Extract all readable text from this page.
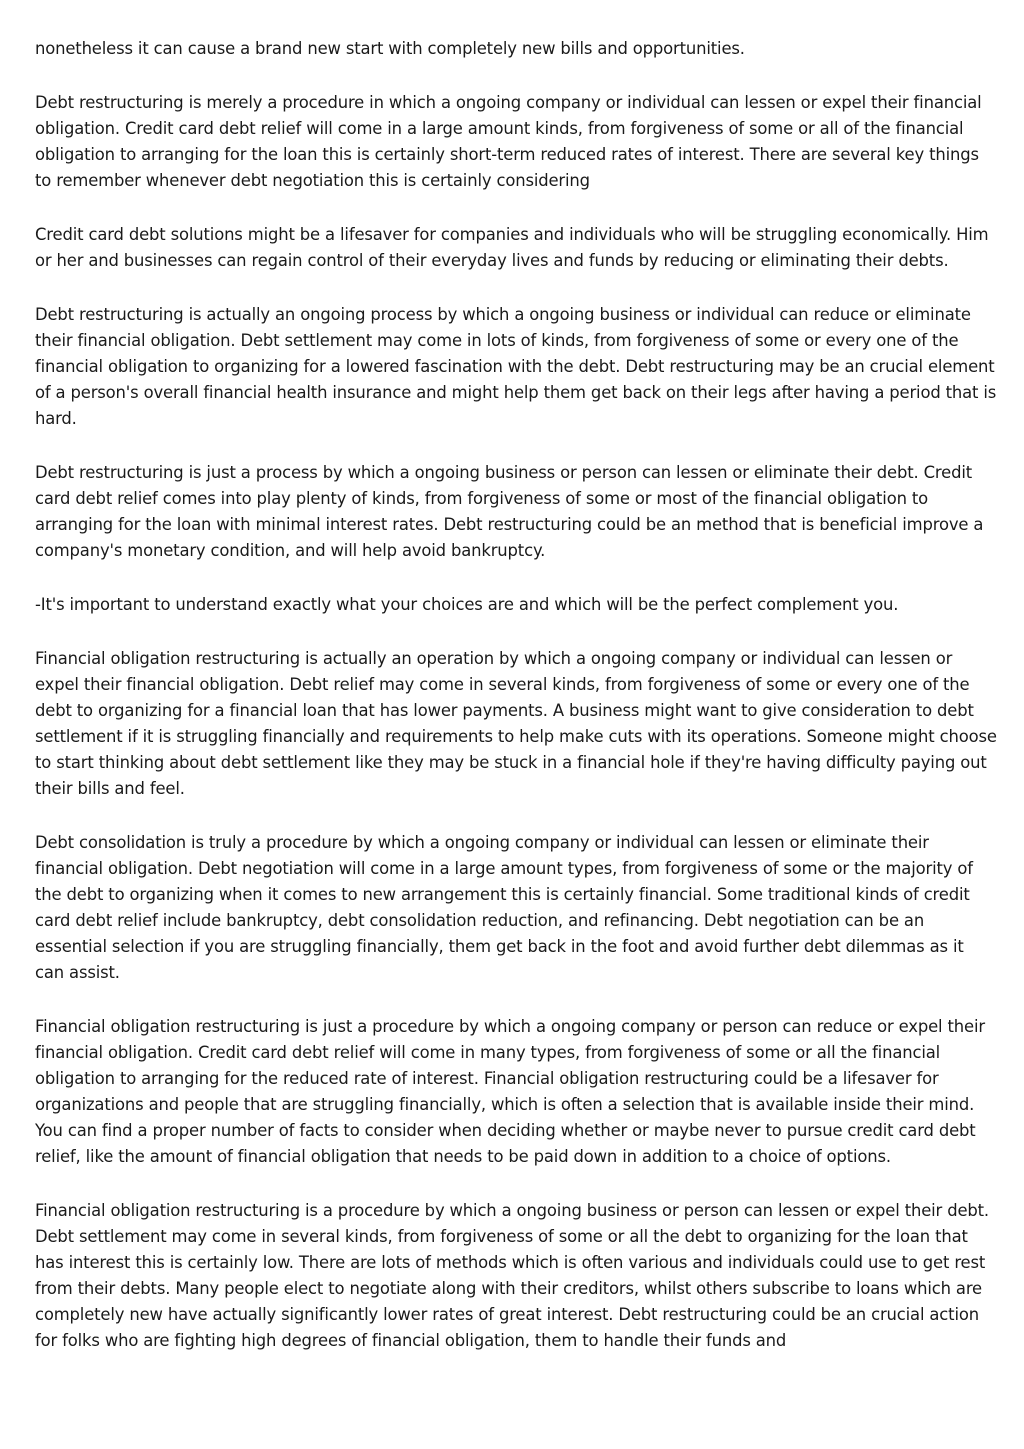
nonetheless it can cause a brand new start with completely new bills and opportunities.

Debt restructuring is merely a procedure in which a ongoing company or individual can lessen or expel their financial obligation. Credit card debt relief will come in a large amount kinds, from forgiveness of some or all of the financial obligation to arranging for the loan this is certainly short-term reduced rates of interest. There are several key things to remember whenever debt negotiation this is certainly considering

Credit card debt solutions might be a lifesaver for companies and individuals who will be struggling economically. Him or her and businesses can regain control of their everyday lives and funds by reducing or eliminating their debts.

Debt restructuring is actually an ongoing process by which a ongoing business or individual can reduce or eliminate their financial obligation. Debt settlement may come in lots of kinds, from forgiveness of some or every one of the financial obligation to organizing for a lowered fascination with the debt. Debt restructuring may be an crucial element of a person's overall financial health insurance and might help them get back on their legs after having a period that is hard.

Debt restructuring is just a process by which a ongoing business or person can lessen or eliminate their debt. Credit card debt relief comes into play plenty of kinds, from forgiveness of some or most of the financial obligation to arranging for the loan with minimal interest rates. Debt restructuring could be an method that is beneficial improve a company's monetary condition, and will help avoid bankruptcy.

-It's important to understand exactly what your choices are and which will be the perfect complement you.

Financial obligation restructuring is actually an operation by which a ongoing company or individual can lessen or expel their financial obligation. Debt relief may come in several kinds, from forgiveness of some or every one of the debt to organizing for a financial loan that has lower payments. A business might want to give consideration to debt settlement if it is struggling financially and requirements to help make cuts with its operations. Someone might choose to start thinking about debt settlement like they may be stuck in a financial hole if they're having difficulty paying out their bills and feel.

Debt consolidation is truly a procedure by which a ongoing company or individual can lessen or eliminate their financial obligation. Debt negotiation will come in a large amount types, from forgiveness of some or the majority of the debt to organizing when it comes to new arrangement this is certainly financial. Some traditional kinds of credit card debt relief include bankruptcy, debt consolidation reduction, and refinancing. Debt negotiation can be an essential selection if you are struggling financially, them get back in the foot and avoid further debt dilemmas as it can assist.

Financial obligation restructuring is just a procedure by which a ongoing company or person can reduce or expel their financial obligation. Credit card debt relief will come in many types, from forgiveness of some or all the financial obligation to arranging for the reduced rate of interest. Financial obligation restructuring could be a lifesaver for organizations and people that are struggling financially, which is often a selection that is available inside their mind. You can find a proper number of facts to consider when deciding whether or maybe never to pursue credit card debt relief, like the amount of financial obligation that needs to be paid down in addition to a choice of options.

Financial obligation restructuring is a procedure by which a ongoing business or person can lessen or expel their debt. Debt settlement may come in several kinds, from forgiveness of some or all the debt to organizing for the loan that has interest this is certainly low. There are lots of methods which is often various and individuals could use to get rest from their debts. Many people elect to negotiate along with their creditors, whilst others subscribe to loans which are completely new have actually significantly lower rates of great interest. Debt restructuring could be an crucial action for folks who are fighting high degrees of financial obligation, them to handle their funds and
